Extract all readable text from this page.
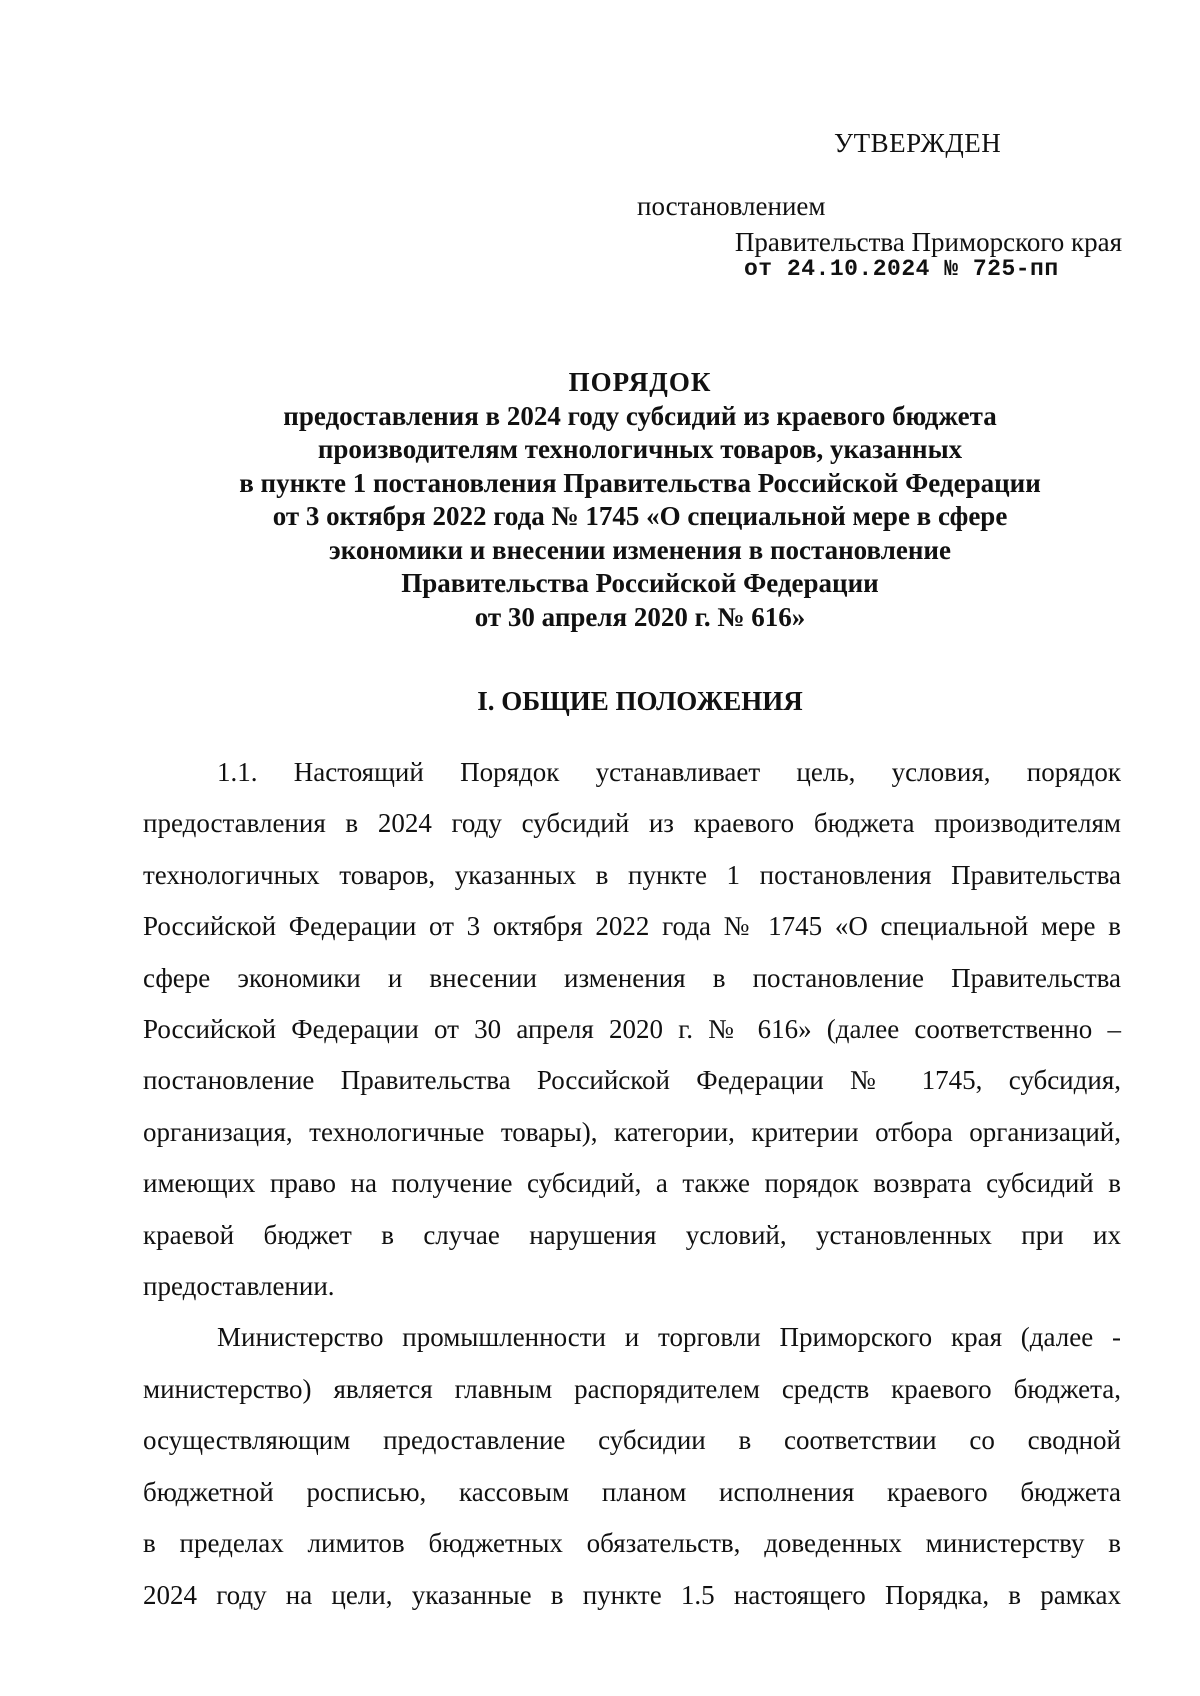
УТВЕРЖДЕН
постановлением
Правительства Приморского края
от 24.10.2024 № 725-пп
ПОРЯДОК
предоставления в 2024 году субсидий из краевого бюджета
производителям технологичных товаров, указанных
в пункте 1 постановления Правительства Российской Федерации
от 3 октября 2022 года № 1745 «О специальной мере в сфере
экономики и внесении изменения в постановление
Правительства Российской Федерации
от 30 апреля 2020 г. № 616»
I. ОБЩИЕ ПОЛОЖЕНИЯ
1.1. Настоящий Порядок устанавливает цель, условия, порядок
предоставления в 2024 году субсидий из краевого бюджета производителям
технологичных товаров, указанных в пункте 1 постановления Правительства
Российской Федерации от 3 октября 2022 года № 1745 «О специальной мере в
сфере экономики и внесении изменения в постановление Правительства
Российской Федерации от 30 апреля 2020 г. № 616» (далее соответственно –
постановление Правительства Российской Федерации № 1745, субсидия,
организация, технологичные товары), категории, критерии отбора организаций,
имеющих право на получение субсидий, а также порядок возврата субсидий в
краевой бюджет в случае нарушения условий, установленных при их
предоставлении.
Министерство промышленности и торговли Приморского края (далее -
министерство) является главным распорядителем средств краевого бюджета,
осуществляющим предоставление субсидии в соответствии со сводной
бюджетной росписью, кассовым планом исполнения краевого бюджета
в пределах лимитов бюджетных обязательств, доведенных министерству в
2024 году на цели, указанные в пункте 1.5 настоящего Порядка, в рамках
